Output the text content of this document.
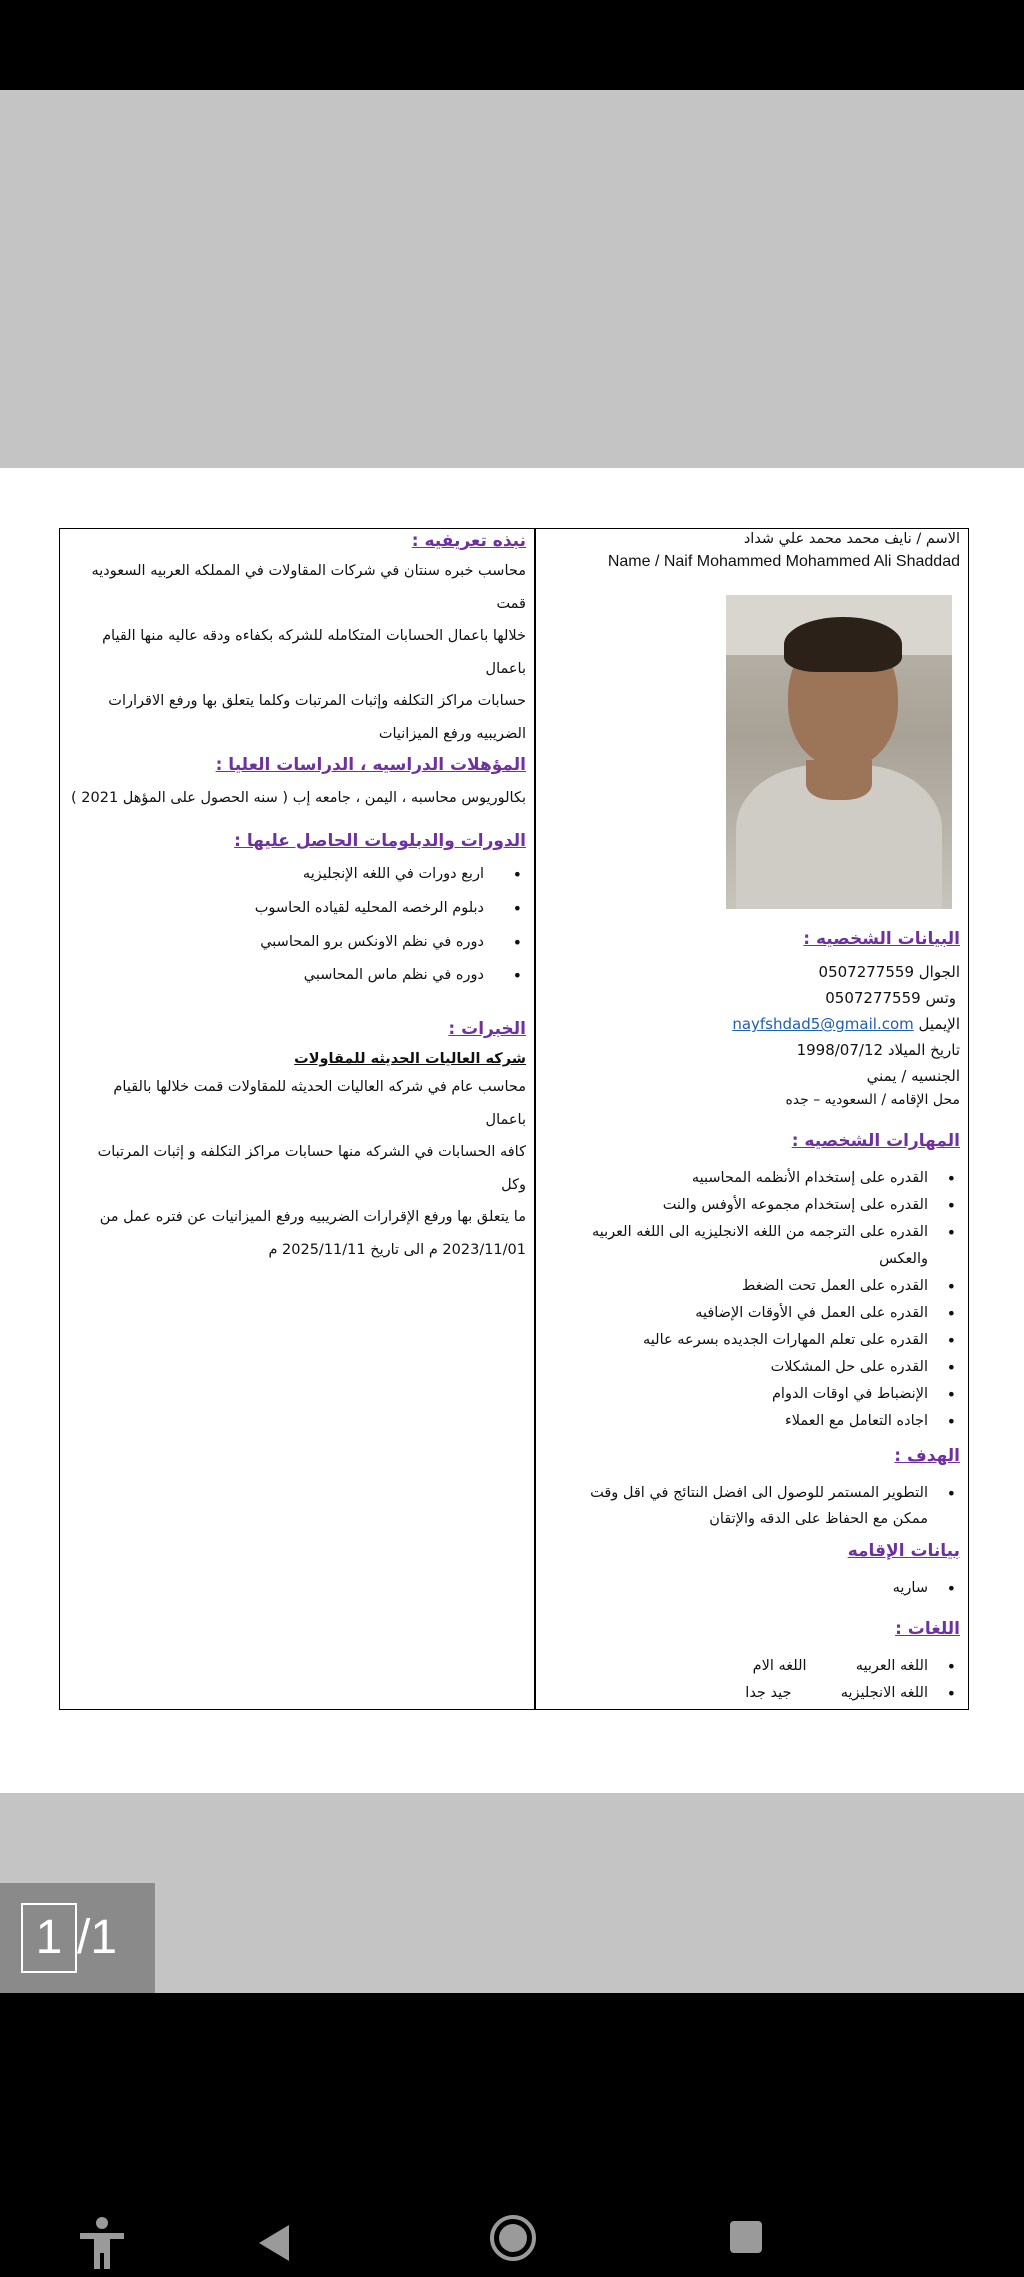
الاسم / نايف محمد محمد علي شداد
Name / Naif Mohammed Mohammed Ali Shaddad
البيانات الشخصيه :
الجوال 0507277559
وتس 0507277559
الإيميل nayfshdad5@gmail.com
تاريخ الميلاد 1998/07/12
الجنسيه / يمني
محل الإقامه / السعوديه – جده
المهارات الشخصيه :
• القدره على إستخدام الأنظمه المحاسبيه
• القدره على إستخدام مجموعه الأوفس والنت
• القدره على الترجمه من اللغه الانجليزيه الى اللغه العربيه
والعكس
• القدره على العمل تحت الضغط
• القدره على العمل في الأوقات الإضافيه
• القدره على تعلم المهارات الجديده بسرعه عاليه
• القدره على حل المشكلات
• الإنضباط في اوقات الدوام
• اجاده التعامل مع العملاء
الهدف :
• التطوير المستمر للوصول الى افضل النتائج في اقل وقت
ممكن مع الحفاظ على الدقه والإتقان
بيانات الإقامه
• ساريه
اللغات :
• اللغه العربيه  اللغه الام
• اللغه الانجليزيه  جيد جدا
نبذه تعريفيه :
محاسب خبره سنتان في شركات المقاولات في المملكه العربيه السعوديه قمت
خلالها باعمال الحسابات المتكامله للشركه بكفاءه ودقه عاليه منها القيام باعمال
حسابات مراكز التكلفه وإثبات المرتبات وكلما يتعلق بها ورفع الاقرارات
الضريبيه ورفع الميزانيات
المؤهلات الدراسيه ، الدراسات العليا :
بكالوريوس محاسبه ، اليمن ، جامعه إب ( سنه الحصول على المؤهل 2021 )
الدورات والدبلومات الحاصل عليها :
• اربع دورات في اللغه الإنجليزيه
• دبلوم الرخصه المحليه لقياده الحاسوب
• دوره في نظم الاونكس برو المحاسبي
• دوره في نظم ماس المحاسبي
الخبرات :
شركه العاليات الحديثه للمقاولات
محاسب عام في شركه العاليات الحديثه للمقاولات قمت خلالها بالقيام باعمال
كافه الحسابات في الشركه منها حسابات مراكز التكلفه و إثبات المرتبات وكل
ما يتعلق بها ورفع الإقرارات الضريبيه ورفع الميزانيات عن فتره عمل من
2023/11/01 م الى تاريخ 2025/11/11 م
1 /1
